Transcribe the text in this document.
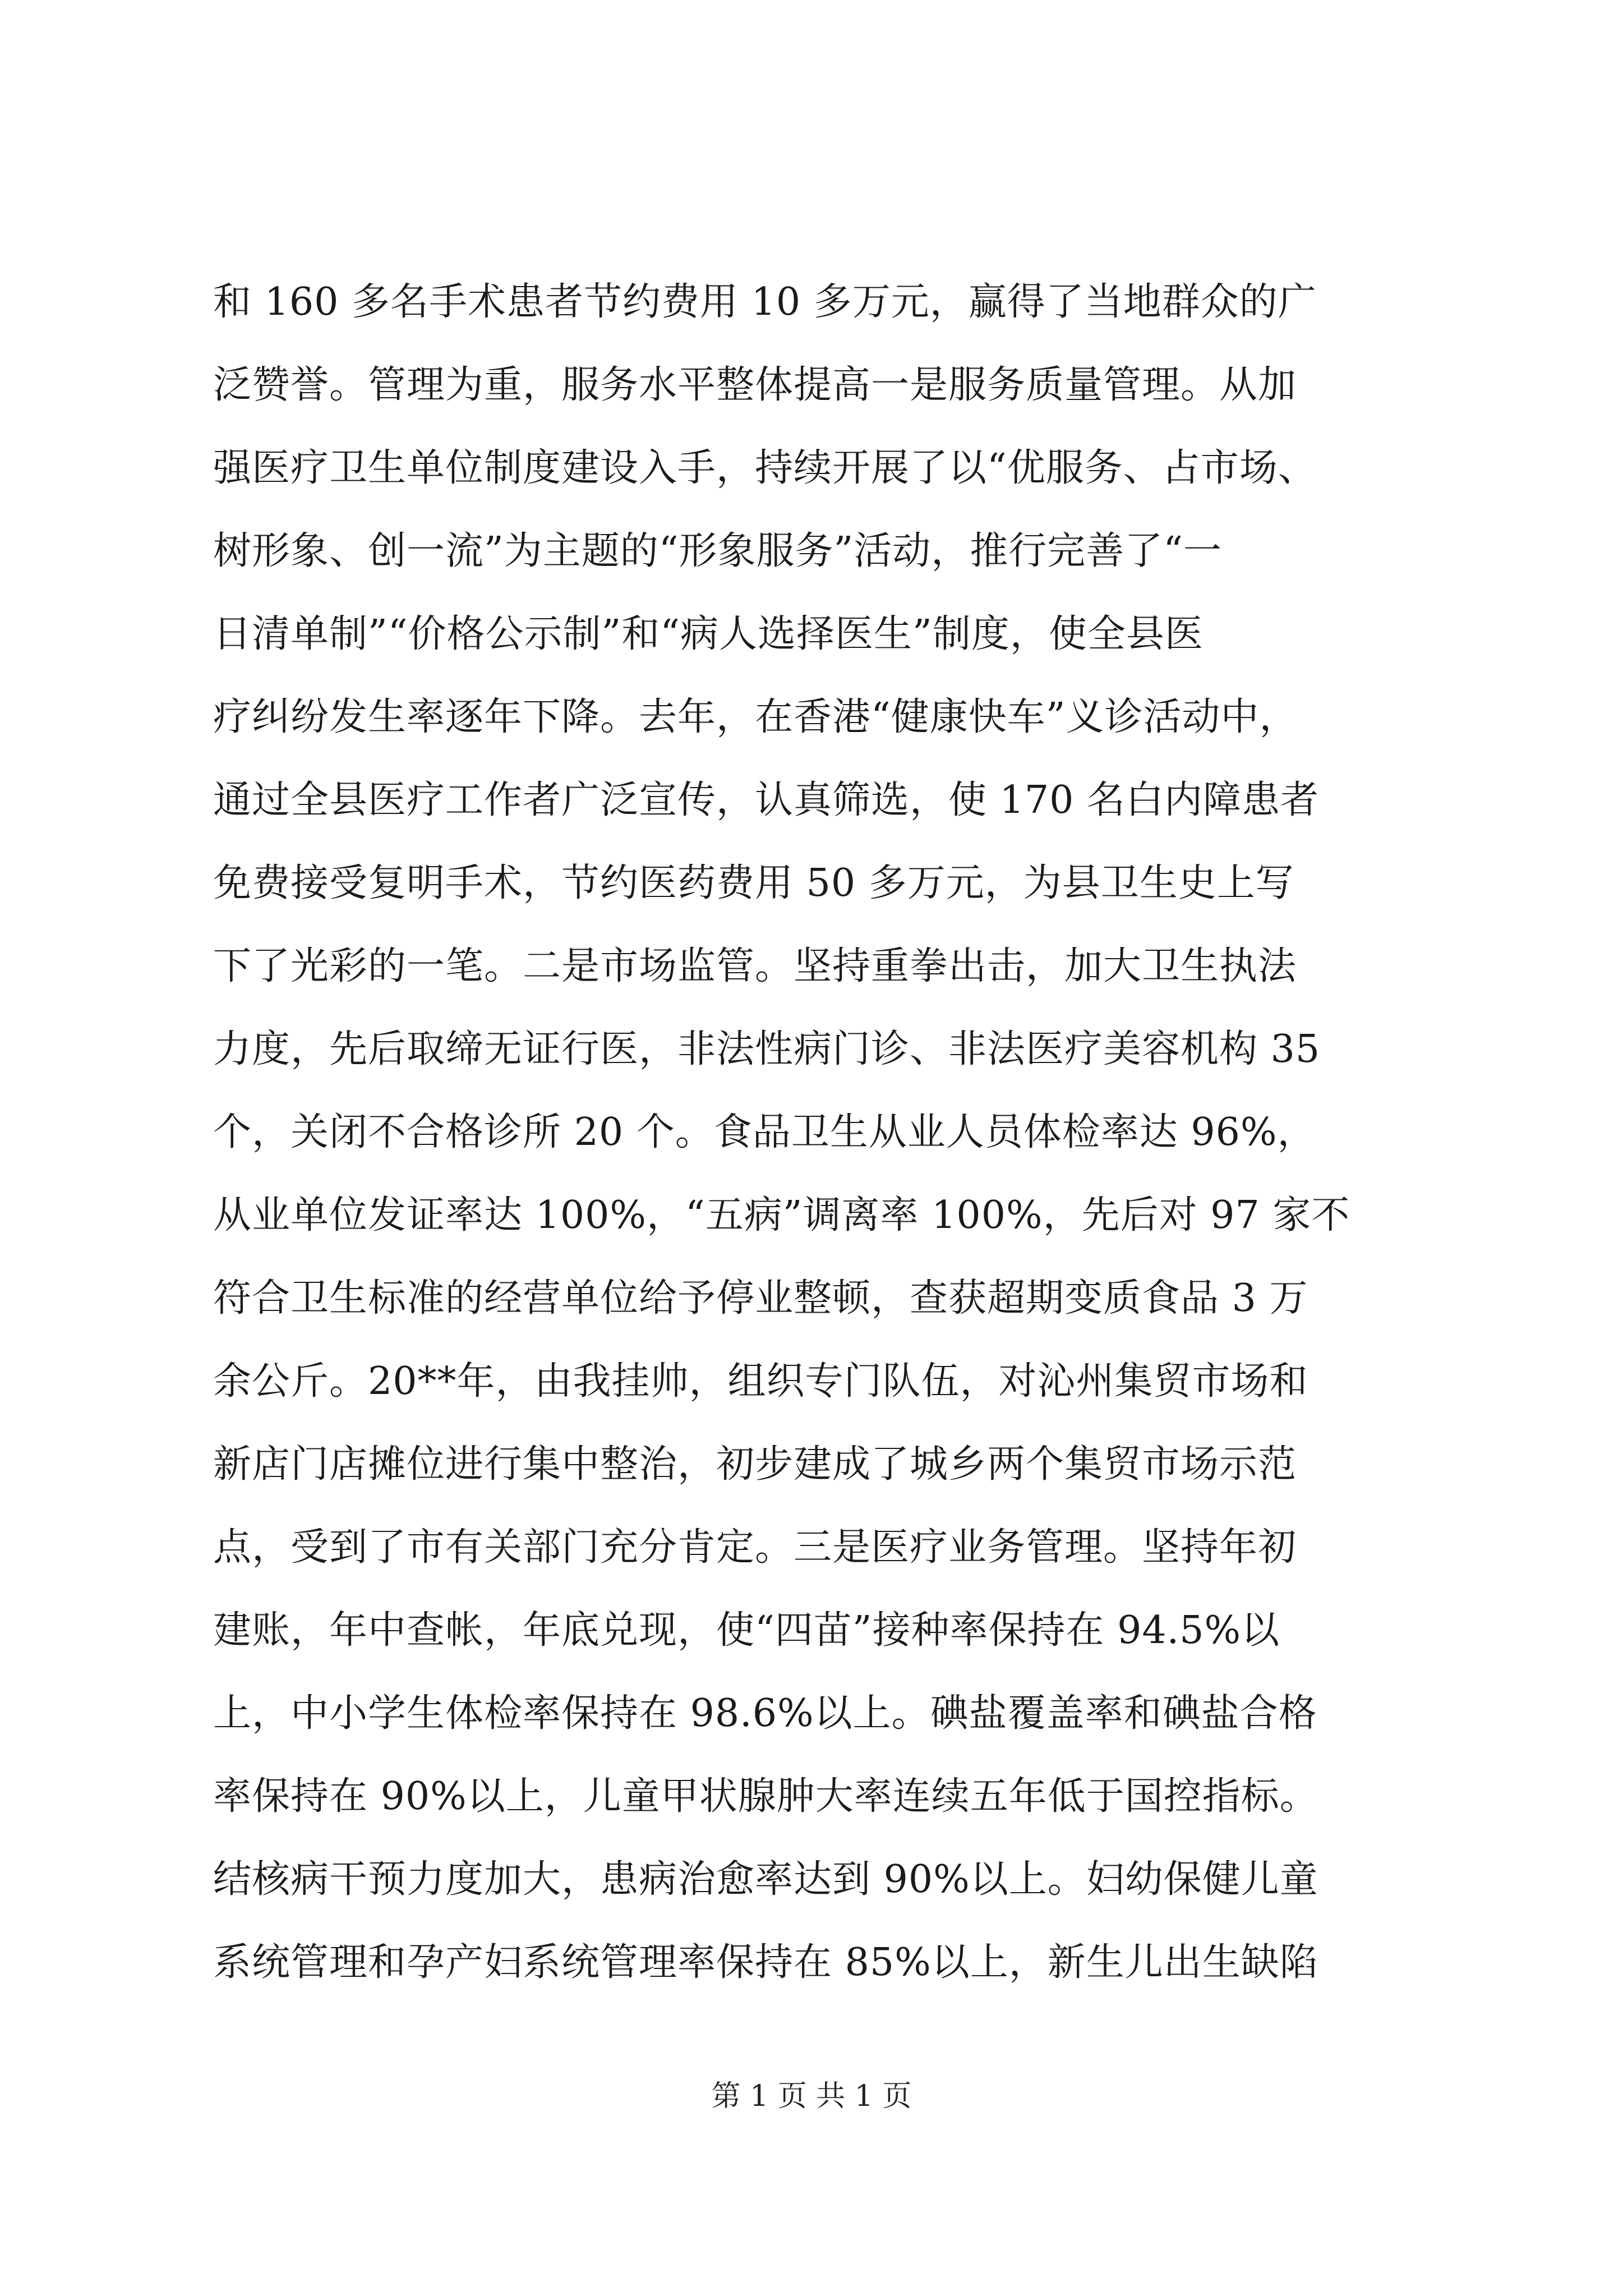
和 160 多名手术患者节约费用 10 多万元，赢得了当地群众的广
泛赞誉。管理为重，服务水平整体提高一是服务质量管理。从加
强医疗卫生单位制度建设入手，持续开展了以“优服务、占市场、
树形象、创一流”为主题的“形象服务”活动，推行完善了“一
日清单制”“价格公示制”和“病人选择医生”制度，使全县医
疗纠纷发生率逐年下降。去年，在香港“健康快车”义诊活动中，
通过全县医疗工作者广泛宣传，认真筛选，使 170 名白内障患者
免费接受复明手术，节约医药费用 50 多万元，为县卫生史上写
下了光彩的一笔。二是市场监管。坚持重拳出击，加大卫生执法
力度，先后取缔无证行医，非法性病门诊、非法医疗美容机构 35
个，关闭不合格诊所 20 个。食品卫生从业人员体检率达 96%，
从业单位发证率达 100%，“五病”调离率 100%，先后对 97 家不
符合卫生标准的经营单位给予停业整顿，查获超期变质食品 3 万
余公斤。20**年，由我挂帅，组织专门队伍，对沁州集贸市场和
新店门店摊位进行集中整治，初步建成了城乡两个集贸市场示范
点，受到了市有关部门充分肯定。三是医疗业务管理。坚持年初
建账，年中查帐，年底兑现，使“四苗”接种率保持在 94.5%以
上，中小学生体检率保持在 98.6%以上。碘盐覆盖率和碘盐合格
率保持在 90%以上，儿童甲状腺肿大率连续五年低于国控指标。
结核病干预力度加大，患病治愈率达到 90%以上。妇幼保健儿童
系统管理和孕产妇系统管理率保持在 85%以上，新生儿出生缺陷
第 1 页 共 1 页
